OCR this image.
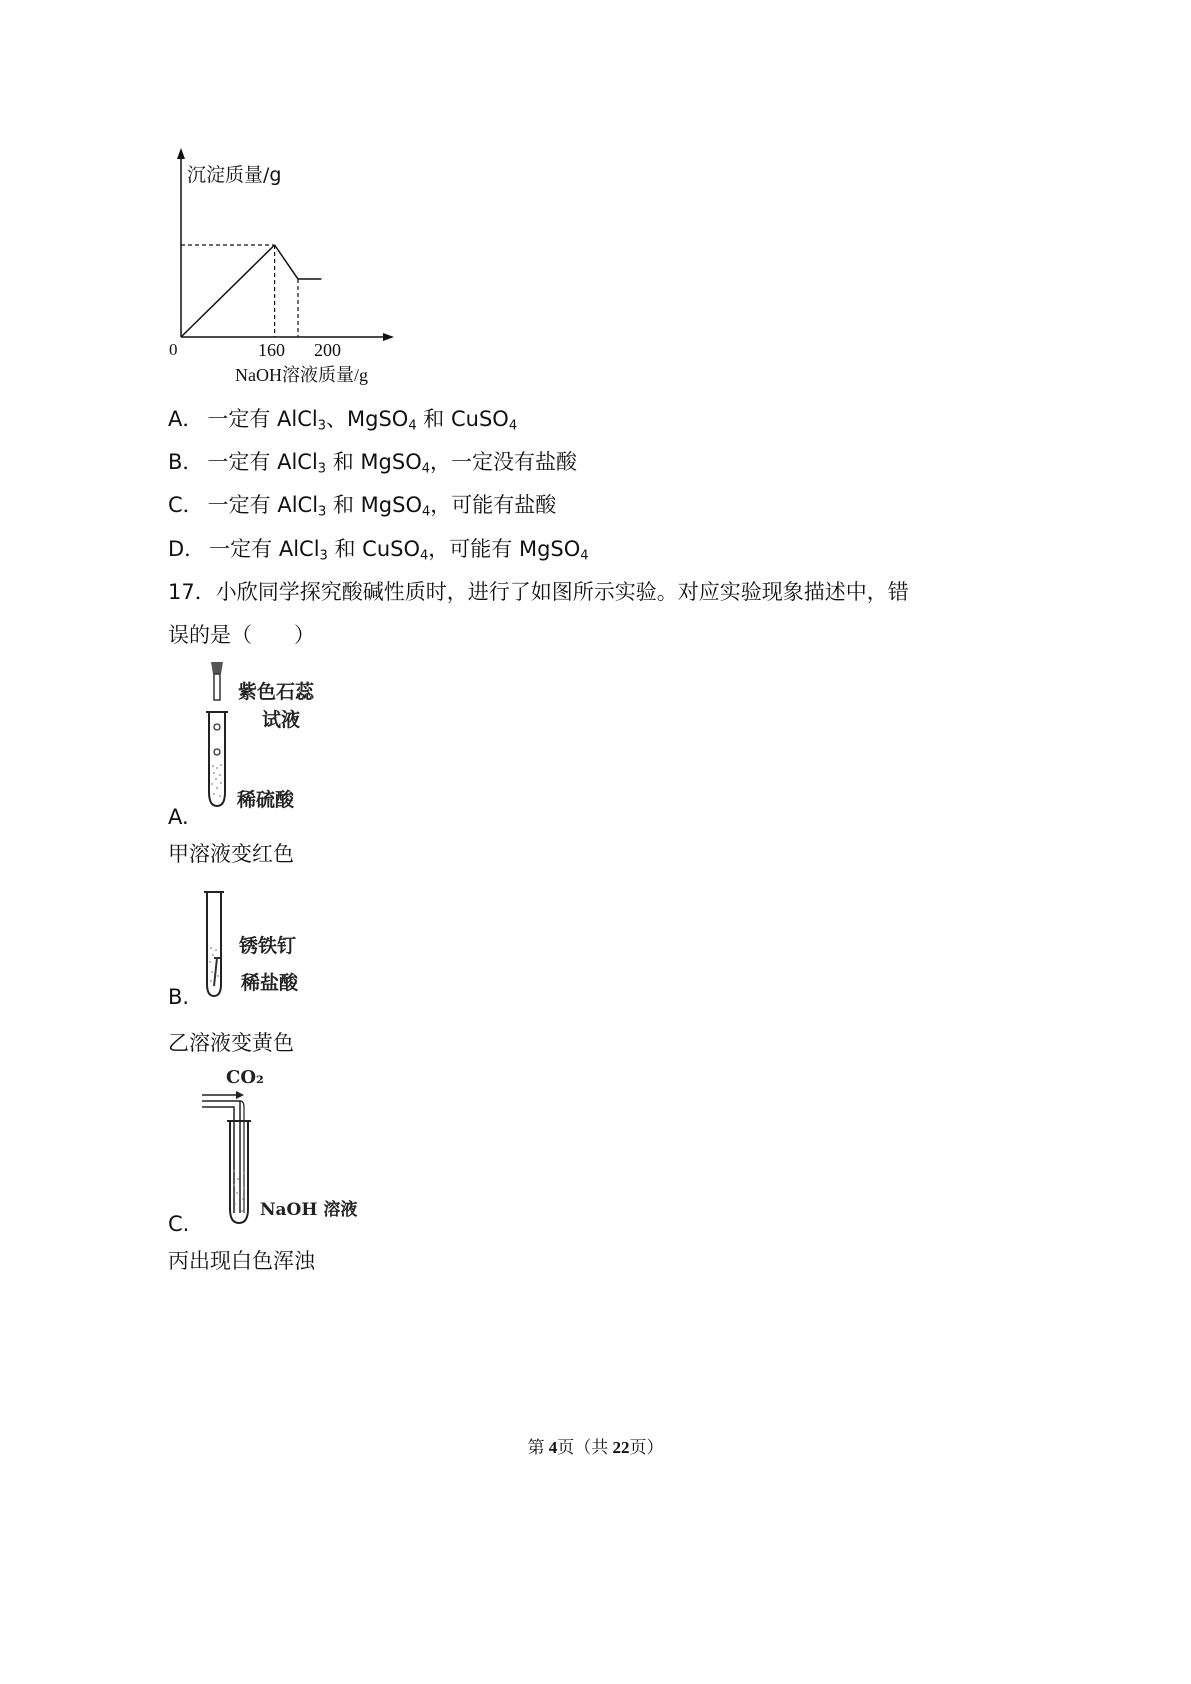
沉淀质量/g
0	160 200
NaOH溶液质量/g
A． 一定有 AlCl$_3$、MgSO$_4$ 和 CuSO$_4$
B． 一定有 AlCl$_3$ 和 MgSO$_4$，一定没有盐酸
C． 一定有 AlCl$_3$ 和 MgSO$_4$，可能有盐酸
D． 一定有 AlCl$_3$ 和 CuSO$_4$，可能有 MgSO$_4$
17．小欣同学探究酸碱性质时，进行了如图所示实验。对应实验现象描述中，错
误的是（　　）
紫色石蕊
试液
稀硫酸
A.
甲溶液变红色
锈铁钉
稀盐酸
B.
乙溶液变黄色
CO₂
NaOH 溶液
C.
丙出现白色浑浊
第 4页（共 22页）
